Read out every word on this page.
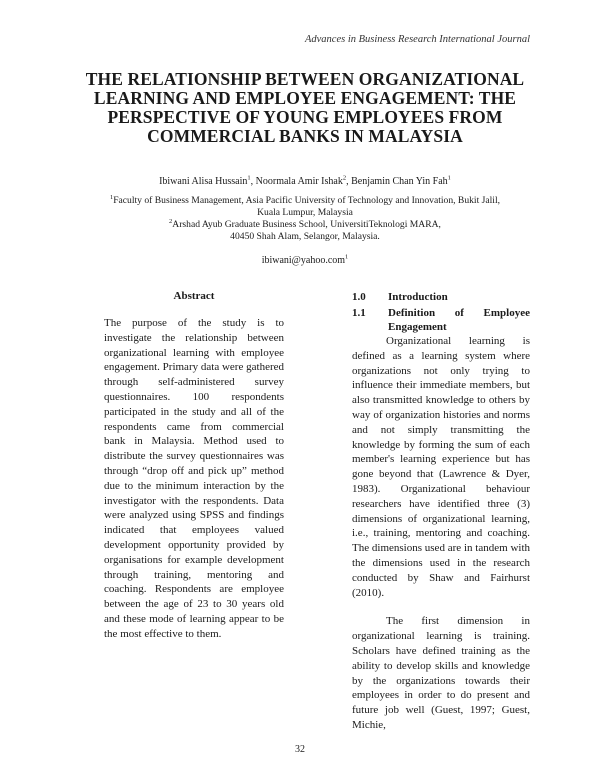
Advances in Business Research International Journal
THE RELATIONSHIP BETWEEN ORGANIZATIONAL
LEARNING AND EMPLOYEE ENGAGEMENT: THE
PERSPECTIVE OF YOUNG EMPLOYEES FROM
COMMERCIAL BANKS IN MALAYSIA
Ibiwani Alisa Hussain$^1$, Noormala Amir Ishak$^2$, Benjamin Chan Yin Fah$^1$
$^1$Faculty of Business Management, Asia Pacific University of Technology and Innovation, Bukit Jalil,
Kuala Lumpur, Malaysia
$^2$Arshad Ayub Graduate Business School, UniversitiTeknologi MARA,
40450 Shah Alam, Selangor, Malaysia.
ibiwani@yahoo.com$^1$
Abstract

The purpose of the study is to investigate the relationship between organizational learning with employee engagement. Primary data were gathered through self-administered survey questionnaires. 100 respondents participated in the study and all of the respondents came from commercial bank in Malaysia. Method used to distribute the survey questionnaires was through “drop off and pick up” method due to the minimum interaction by the investigator with the respondents. Data were analyzed using SPSS and findings indicated that employees valued development opportunity provided by organisations for example development through training, mentoring and coaching. Respondents are employee between the age of 23 to 30 years old and these mode of learning appear to be the most effective to them.

1.0	Introduction
1.1	Definition of Employee
Engagement

Organizational learning is defined as a learning system where organizations not only trying to influence their immediate members, but also transmitted knowledge to others by way of organization histories and norms and not simply transmitting the knowledge by forming the sum of each member's learning experience but has gone beyond that (Lawrence & Dyer, 1983). Organizational behaviour researchers have identified three (3) dimensions of organizational learning, i.e., training, mentoring and coaching. The dimensions used are in tandem with the dimensions used in the research conducted by Shaw and Fairhurst (2010).

The first dimension in organizational learning is training. Scholars have defined training as the ability to develop skills and knowledge by the organizations towards their employees in order to do present and future job well (Guest, 1997; Guest, Michie,

32
